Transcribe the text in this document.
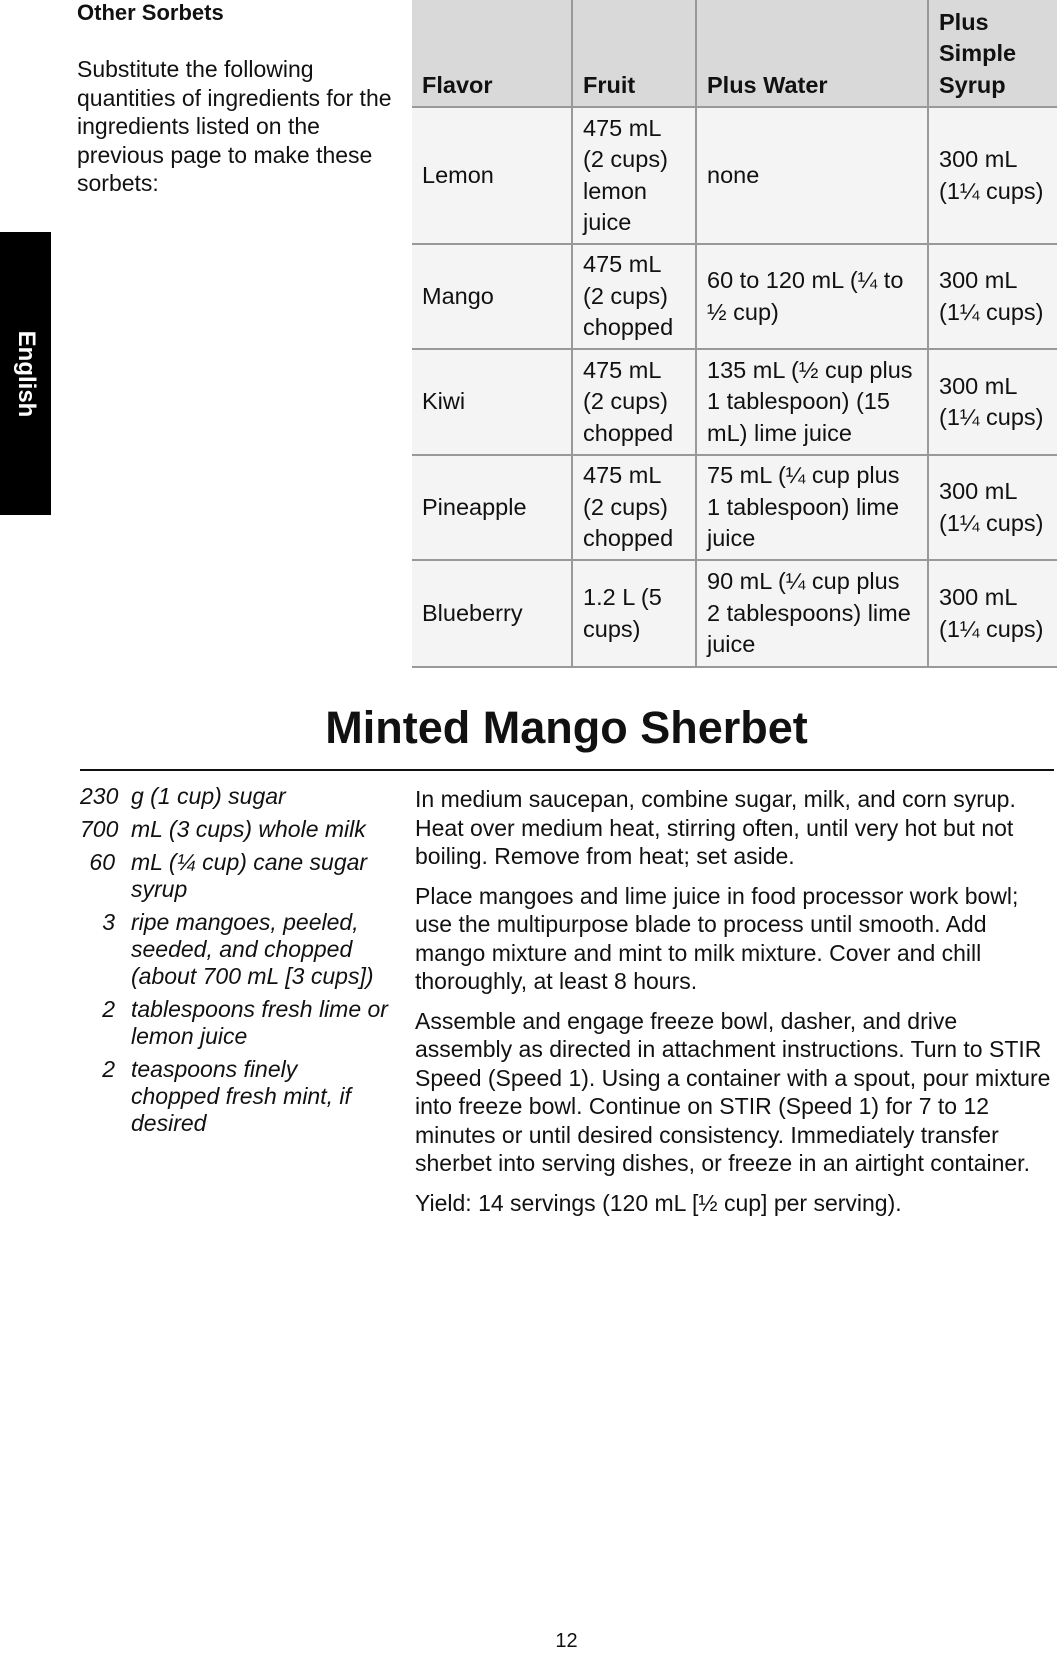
Other Sorbets
Substitute the following quantities of ingredients for the ingredients listed on the previous page to make these sorbets:
English
Flavor	Fruit	Plus Water	Plus Simple Syrup
Lemon	475 mL (2 cups) lemon juice	none	300 mL (1¼ cups)
Mango	475 mL (2 cups) chopped	60 to 120 mL (¼ to ½ cup)	300 mL (1¼ cups)
Kiwi	475 mL (2 cups) chopped	135 mL (½ cup plus 1 tablespoon) (15 mL) lime juice	300 mL (1¼ cups)
Pineapple	475 mL (2 cups) chopped	75 mL (¼ cup plus 1 tablespoon) lime juice	300 mL (1¼ cups)
Blueberry	1.2 L (5 cups)	90 mL (¼ cup plus 2 tablespoons) lime juice	300 mL (1¼ cups)
Minted Mango Sherbet
230 g (1 cup) sugar
700 mL (3 cups) whole milk
60 mL (¼ cup) cane sugar syrup
3 ripe mangoes, peeled, seeded, and chopped (about 700 mL [3 cups])
2 tablespoons fresh lime or lemon juice
2 teaspoons finely chopped fresh mint, if desired

In medium saucepan, combine sugar, milk, and corn syrup. Heat over medium heat, stirring often, until very hot but not boiling. Remove from heat; set aside.

Place mangoes and lime juice in food processor work bowl; use the multipurpose blade to process until smooth. Add mango mixture and mint to milk mixture. Cover and chill thoroughly, at least 8 hours.

Assemble and engage freeze bowl, dasher, and drive assembly as directed in attachment instructions. Turn to STIR Speed (Speed 1). Using a container with a spout, pour mixture into freeze bowl. Continue on STIR (Speed 1) for 7 to 12 minutes or until desired consistency. Immediately transfer sherbet into serving dishes, or freeze in an airtight container.

Yield: 14 servings (120 mL [½ cup] per serving).

12
